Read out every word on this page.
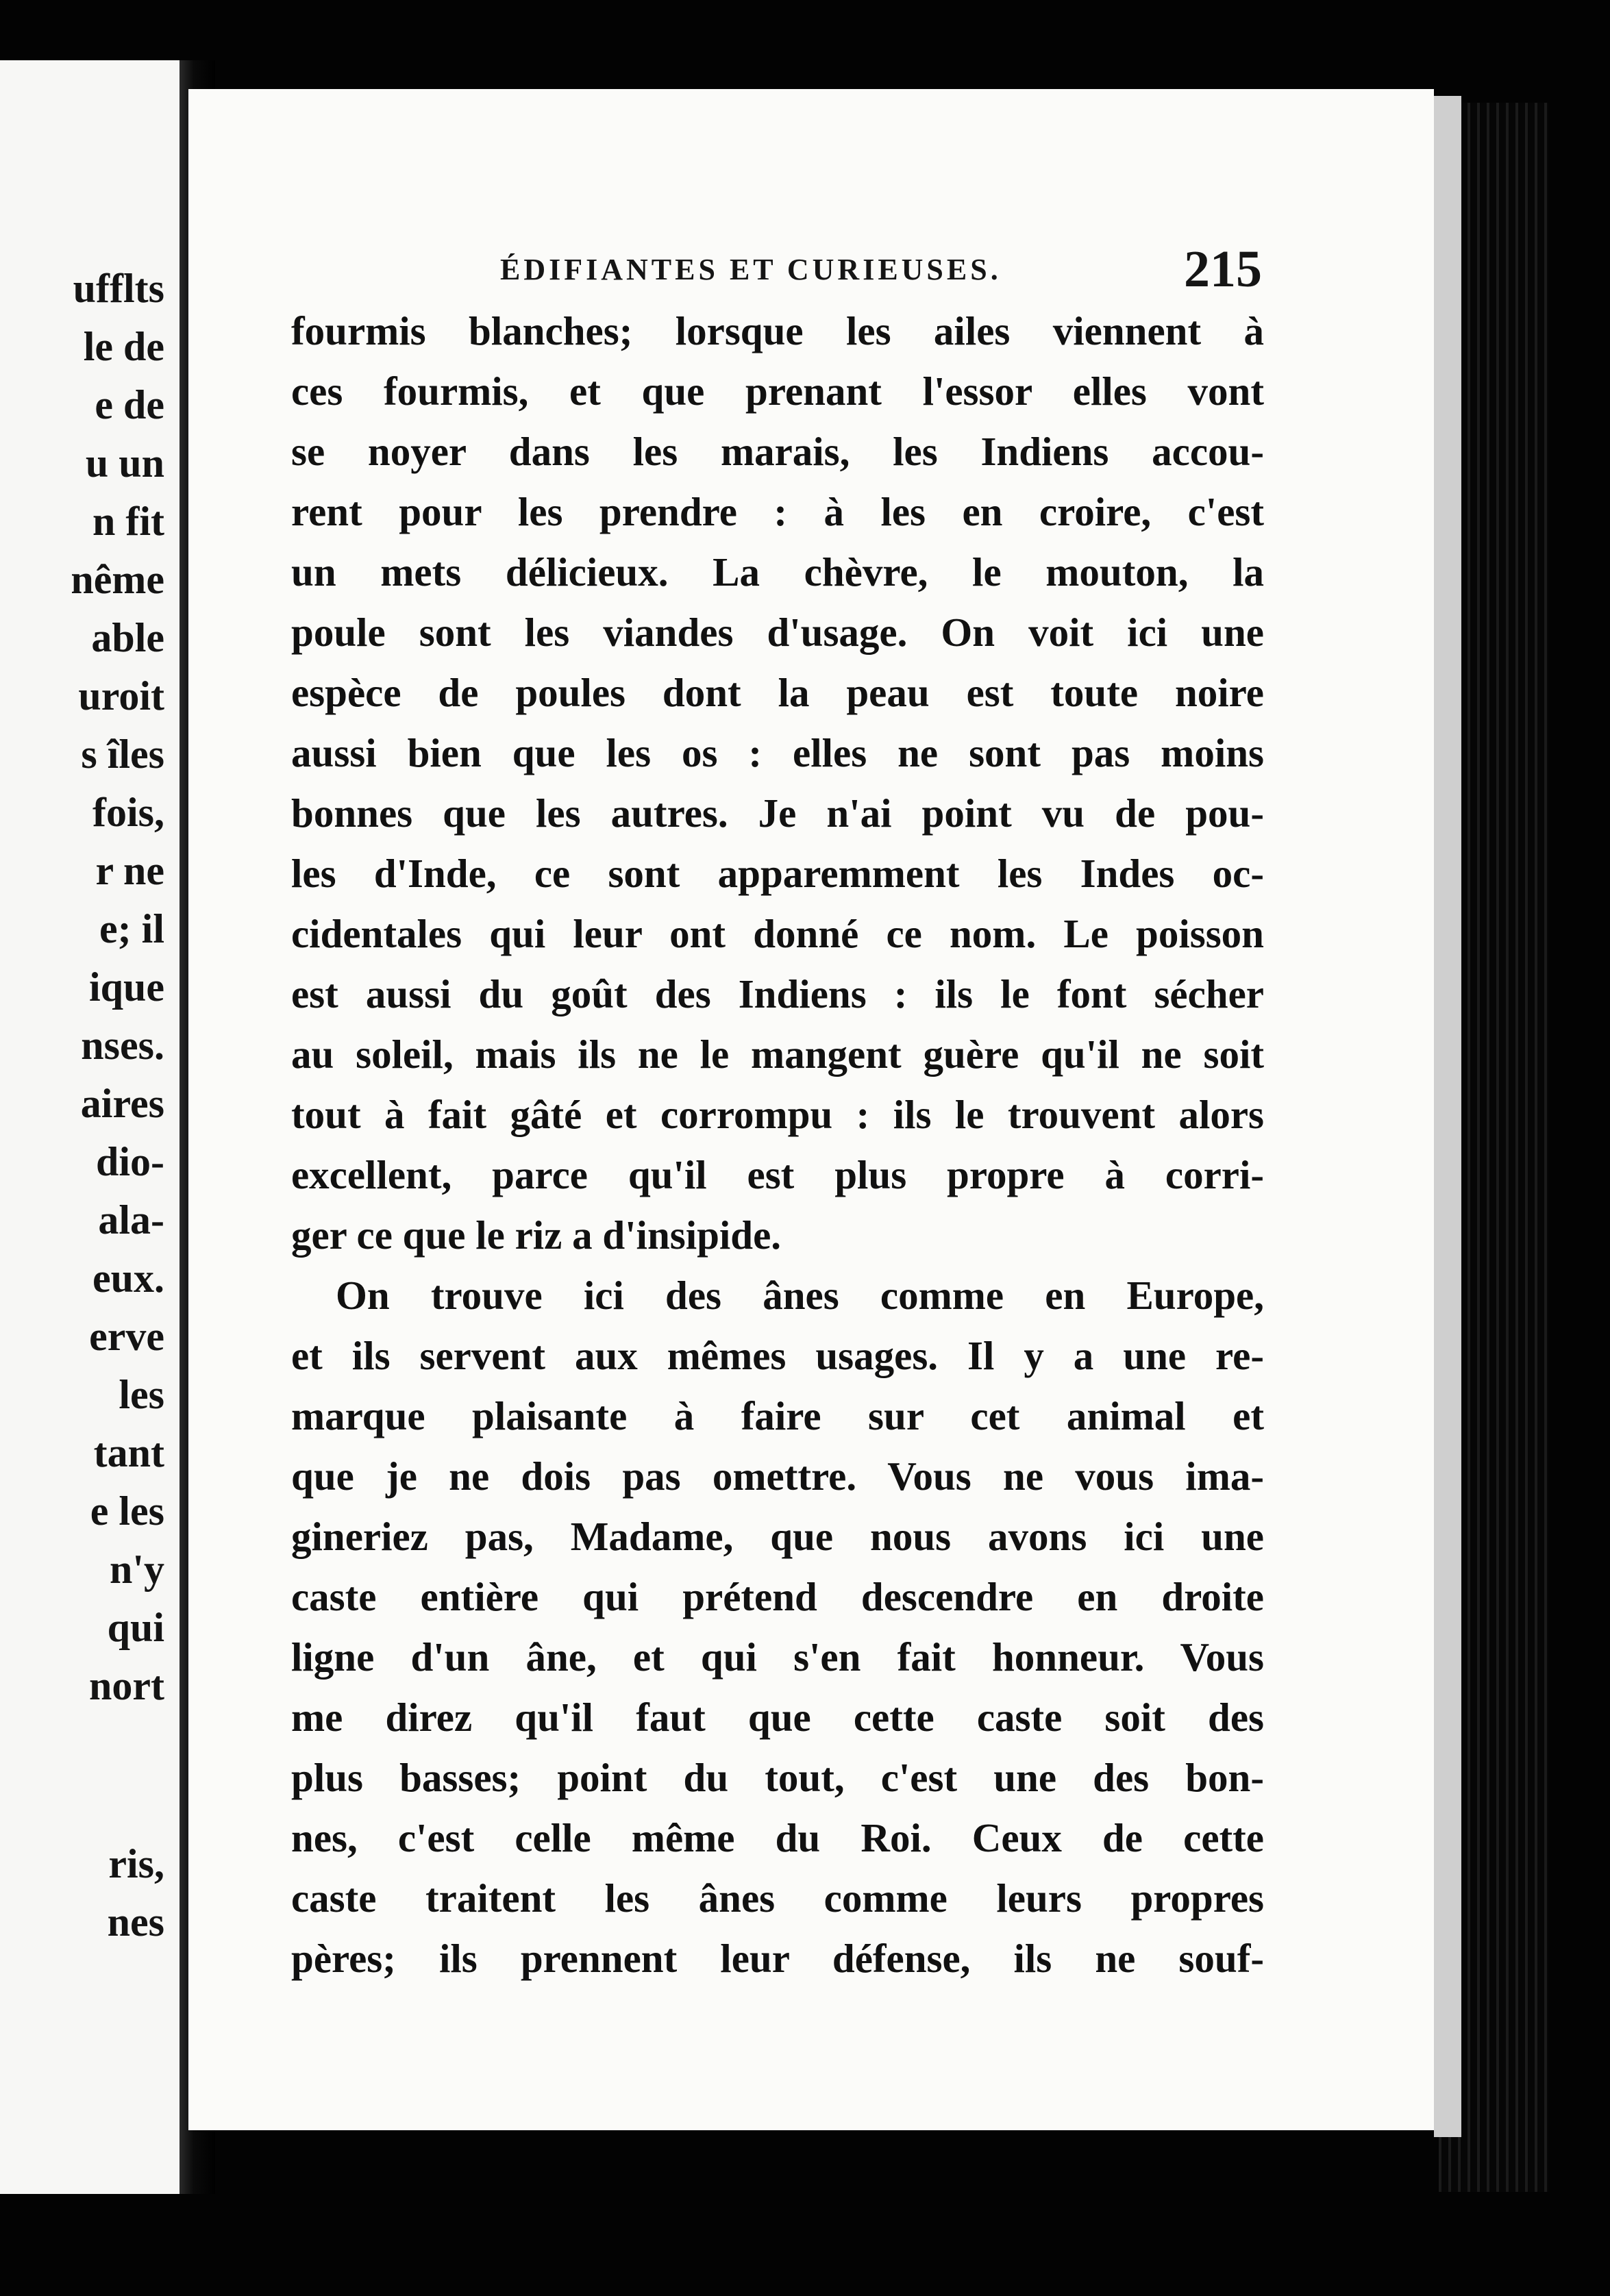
ufflts
le de
e de
u un
n fit
nême
able
uroit
s îles
fois,
r ne
e; il
ique
nses.
aires
dio-
ala-
eux.
erve
les
tant
e les
n'y
qui
nort
ris,
nes
ÉDIFIANTES ET CURIEUSES.	215
fourmis blanches; lorsque les ailes viennent à
ces fourmis, et que prenant l'essor elles vont
se noyer dans les marais, les Indiens accou-
rent pour les prendre : à les en croire, c'est
un mets délicieux. La chèvre, le mouton, la
poule sont les viandes d'usage. On voit ici une
espèce de poules dont la peau est toute noire
aussi bien que les os : elles ne sont pas moins
bonnes que les autres. Je n'ai point vu de pou-
les d'Inde, ce sont apparemment les Indes oc-
cidentales qui leur ont donné ce nom. Le poisson
est aussi du goût des Indiens : ils le font sécher
au soleil, mais ils ne le mangent guère qu'il ne soit
tout à fait gâté et corrompu : ils le trouvent alors
excellent, parce qu'il est plus propre à corri-
ger ce que le riz a d'insipide.
On trouve ici des ânes comme en Europe,
et ils servent aux mêmes usages. Il y a une re-
marque plaisante à faire sur cet animal et
que je ne dois pas omettre. Vous ne vous ima-
gineriez pas, Madame, que nous avons ici une
caste entière qui prétend descendre en droite
ligne d'un âne, et qui s'en fait honneur. Vous
me direz qu'il faut que cette caste soit des
plus basses; point du tout, c'est une des bon-
nes, c'est celle même du Roi. Ceux de cette
caste traitent les ânes comme leurs propres
pères; ils prennent leur défense, ils ne souf-
